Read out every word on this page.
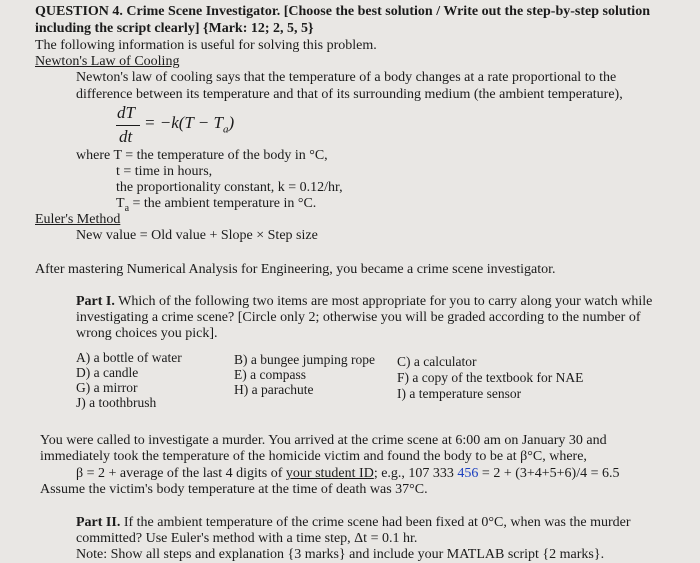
QUESTION 4. Crime Scene Investigator. [Choose the best solution / Write out the step-by-step solution
including the script clearly] {Mark: 12; 2, 5, 5}
The following information is useful for solving this problem.
Newton's Law of Cooling
Newton's law of cooling says that the temperature of a body changes at a rate proportional to the
difference between its temperature and that of its surrounding medium (the ambient temperature),
dT
dt
= $-k(T - T_a)$
where T = the temperature of the body in °C,
t = time in hours,
the proportionality constant, k = 0.12/hr,
$T_a$ = the ambient temperature in °C.
Euler's Method
New value = Old value + Slope × Step size
After mastering Numerical Analysis for Engineering, you became a crime scene investigator.
Part I. Which of the following two items are most appropriate for you to carry along your watch while
investigating a crime scene? [Circle only 2; otherwise you will be graded according to the number of
wrong choices you pick].
A) a bottle of water
D) a candle
G) a mirror
J) a toothbrush
B) a bungee jumping rope
E) a compass
H) a parachute
C) a calculator
F) a copy of the textbook for NAE
I) a temperature sensor
You were called to investigate a murder. You arrived at the crime scene at 6:00 am on January 30 and
immediately took the temperature of the homicide victim and found the body to be at β°C, where,
β = 2 + average of the last 4 digits of your student ID; e.g., 107 333 456 = 2 + (3+4+5+6)/4 = 6.5
Assume the victim's body temperature at the time of death was 37°C.
Part II. If the ambient temperature of the crime scene had been fixed at 0°C, when was the murder
committed? Use Euler's method with a time step, Δt = 0.1 hr.
Note: Show all steps and explanation {3 marks} and include your MATLAB script {2 marks}.
